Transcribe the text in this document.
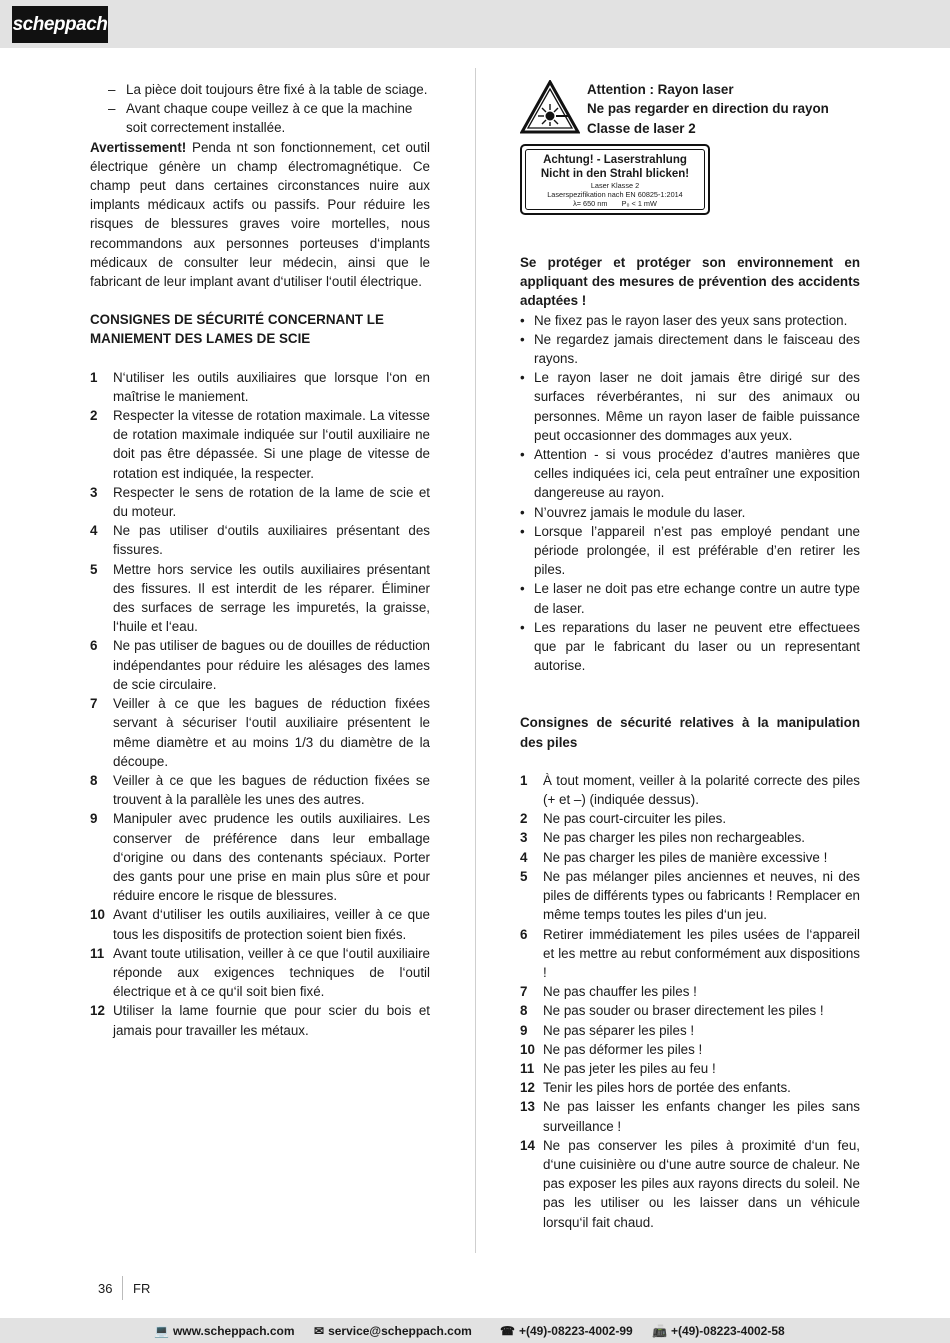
scheppach
– La pièce doit toujours être fixé à la table de sciage.
– Avant chaque coupe veillez à ce que la machine soit correctement installée.

Avertissement! Penda nt son fonctionnement, cet outil électrique génère un champ électromagnétique. Ce champ peut dans certaines circonstances nuire aux implants médicaux actifs ou passifs. Pour réduire les risques de blessures graves voire mortelles, nous recommandons aux personnes porteuses d‘implants médicaux de consulter leur médecin, ainsi que le fabricant de leur implant avant d‘utiliser l‘outil électrique.

CONSIGNES DE SÉCURITÉ CONCERNANT LE MANIEMENT DES LAMES DE SCIE
1 N‘utiliser les outils auxiliaires que lorsque l‘on en maîtrise le maniement.
2 Respecter la vitesse de rotation maximale. La vitesse de rotation maximale indiquée sur l‘outil auxiliaire ne doit pas être dépassée. Si une plage de vitesse de rotation est indiquée, la respecter.
3 Respecter le sens de rotation de la lame de scie et du moteur.
4 Ne pas utiliser d‘outils auxiliaires présentant des fissures.
5 Mettre hors service les outils auxiliaires présentant des fissures. Il est interdit de les réparer. Éliminer des surfaces de serrage les impuretés, la graisse, l‘huile et l‘eau.
6 Ne pas utiliser de bagues ou de douilles de réduction indépendantes pour réduire les alésages des lames de scie circulaire.
7 Veiller à ce que les bagues de réduction fixées servant à sécuriser l‘outil auxiliaire présentent le même diamètre et au moins 1/3 du diamètre de la découpe.
8 Veiller à ce que les bagues de réduction fixées se trouvent à la parallèle les unes des autres.
9 Manipuler avec prudence les outils auxiliaires. Les conserver de préférence dans leur emballage d‘origine ou dans des contenants spéciaux. Porter des gants pour une prise en main plus sûre et pour réduire encore le risque de blessures.
10 Avant d‘utiliser les outils auxiliaires, veiller à ce que tous les dispositifs de protection soient bien fixés.
11 Avant toute utilisation, veiller à ce que l‘outil auxiliaire réponde aux exigences techniques de l‘outil électrique et à ce qu‘il soit bien fixé.
12 Utiliser la lame fournie que pour scier du bois et jamais pour travailler les métaux.
Attention : Rayon laser
Ne pas regarder en direction du rayon
Classe de laser 2
Achtung! - Laserstrahlung
Nicht in den Strahl blicken!
Laser Klasse 2
Laserspezifikation nach EN 60825-1:2014
λ= 650 nm P₀ < 1 mW
Se protéger et protéger son environnement en appliquant des mesures de prévention des accidents adaptées !
• Ne fixez pas le rayon laser des yeux sans protection.
• Ne regardez jamais directement dans le faisceau des rayons.
• Le rayon laser ne doit jamais être dirigé sur des surfaces réverbérantes, ni sur des animaux ou personnes. Même un rayon laser de faible puissance peut occasionner des dommages aux yeux.
• Attention - si vous procédez d’autres manières que celles indiquées ici, cela peut entraîner une exposition dangereuse au rayon.
• N’ouvrez jamais le module du laser.
• Lorsque l’appareil n’est pas employé pendant une période prolongée, il est préférable d’en retirer les piles.
• Le laser ne doit pas etre echange contre un autre type de laser.
• Les reparations du laser ne peuvent etre effectuees que par le fabricant du laser ou un representant autorise.
Consignes de sécurité relatives à la manipulation des piles
1 À tout moment, veiller à la polarité correcte des piles (+ et –) (indiquée dessus).
2 Ne pas court-circuiter les piles.
3 Ne pas charger les piles non rechargeables.
4 Ne pas charger les piles de manière excessive !
5 Ne pas mélanger piles anciennes et neuves, ni des piles de différents types ou fabricants ! Remplacer en même temps toutes les piles d‘un jeu.
6 Retirer immédiatement les piles usées de l‘appareil et les mettre au rebut conformément aux dispositions !
7 Ne pas chauffer les piles !
8 Ne pas souder ou braser directement les piles !
9 Ne pas séparer les piles !
10 Ne pas déformer les piles !
11 Ne pas jeter les piles au feu !
12 Tenir les piles hors de portée des enfants.
13 Ne pas laisser les enfants changer les piles sans surveillance !
14 Ne pas conserver les piles à proximité d‘un feu, d‘une cuisinière ou d‘une autre source de chaleur. Ne pas exposer les piles aux rayons directs du soleil. Ne pas les utiliser ou les laisser dans un véhicule lorsqu‘il fait chaud.
36 FR
💻 www.scheppach.com ✉ service@scheppach.com ☎ +(49)-08223-4002-99 📠 +(49)-08223-4002-58
